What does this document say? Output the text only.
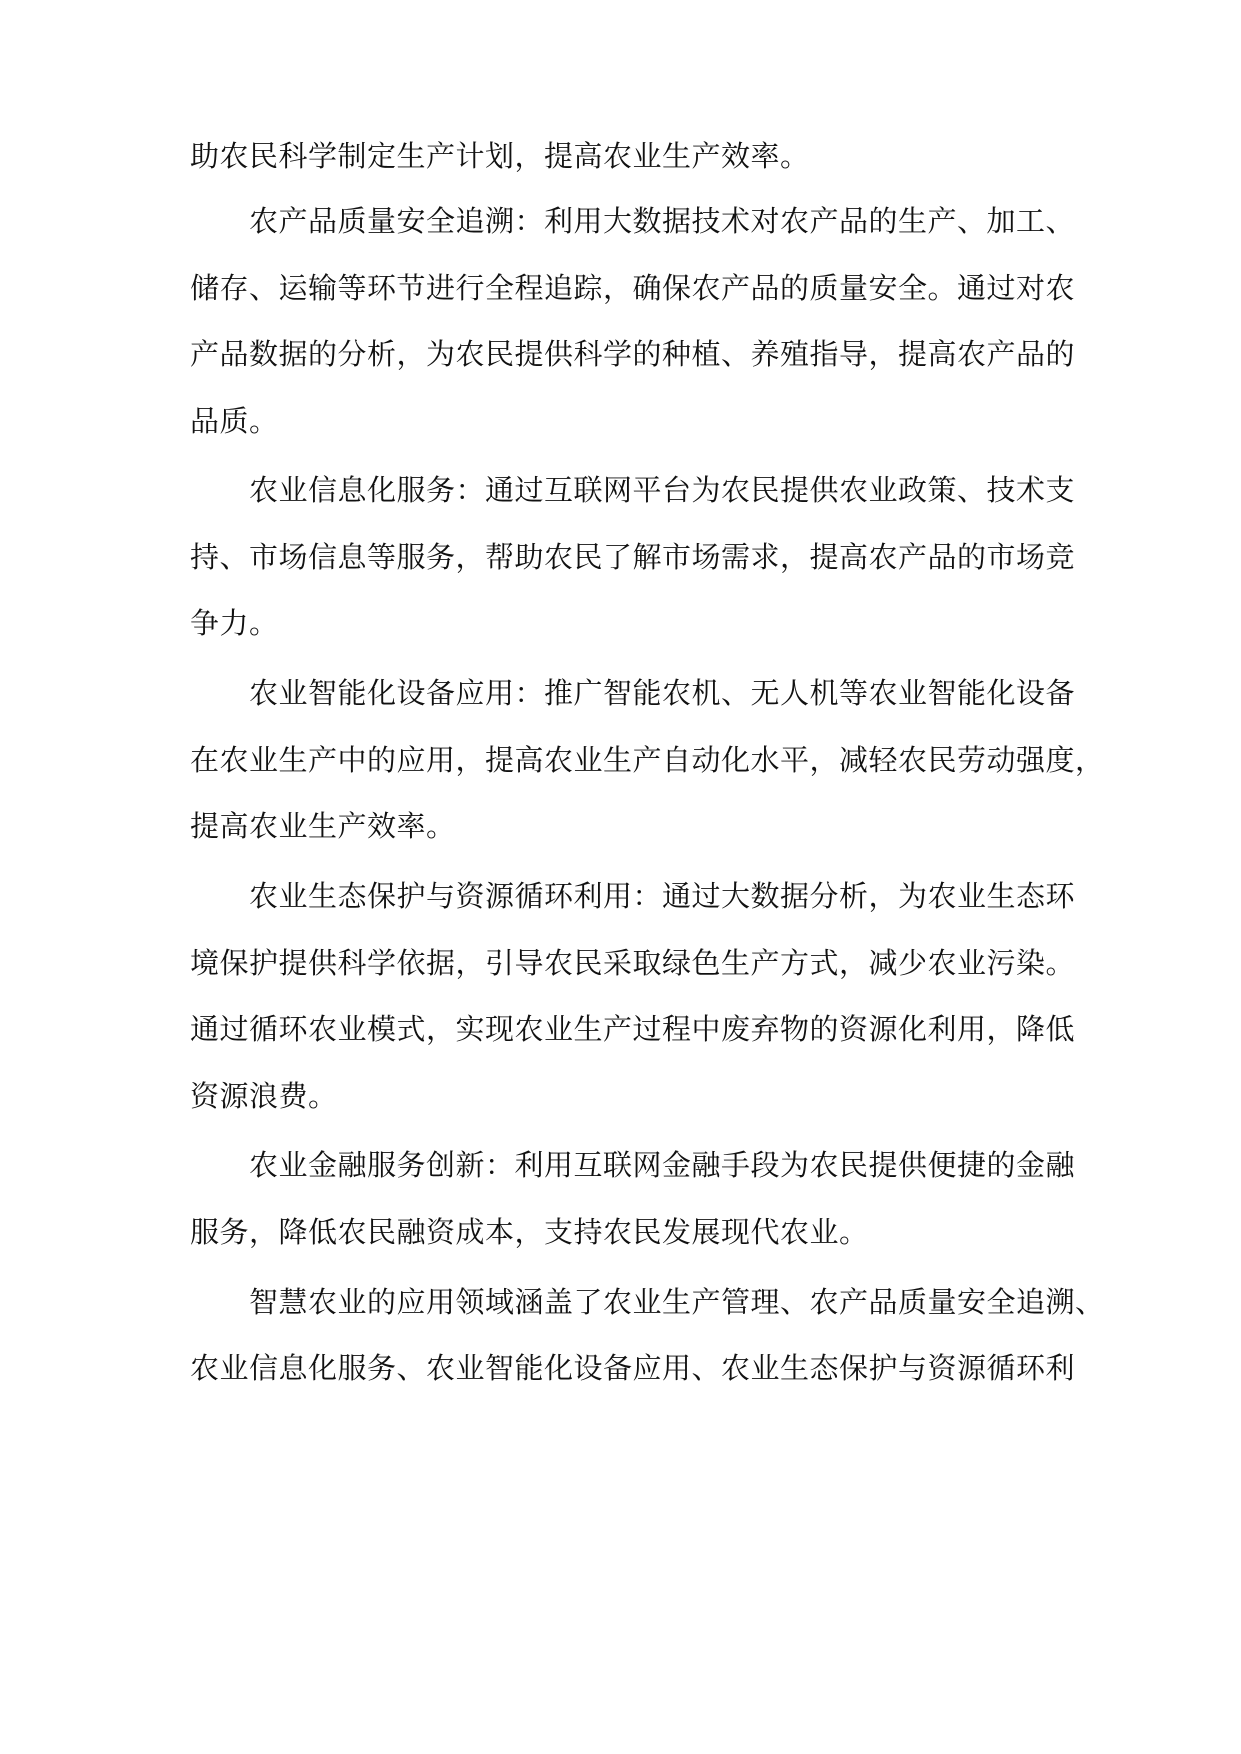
助农民科学制定生产计划，提高农业生产效率。

农产品质量安全追溯：利用大数据技术对农产品的生产、加工、

储存、运输等环节进行全程追踪，确保农产品的质量安全。通过对农

产品数据的分析，为农民提供科学的种植、养殖指导，提高农产品的

品质。

农业信息化服务：通过互联网平台为农民提供农业政策、技术支

持、市场信息等服务，帮助农民了解市场需求，提高农产品的市场竞

争力。

农业智能化设备应用：推广智能农机、无人机等农业智能化设备

在农业生产中的应用，提高农业生产自动化水平，减轻农民劳动强度，

提高农业生产效率。

农业生态保护与资源循环利用：通过大数据分析，为农业生态环

境保护提供科学依据，引导农民采取绿色生产方式，减少农业污染。

通过循环农业模式，实现农业生产过程中废弃物的资源化利用，降低

资源浪费。

农业金融服务创新：利用互联网金融手段为农民提供便捷的金融

服务，降低农民融资成本，支持农民发展现代农业。

智慧农业的应用领域涵盖了农业生产管理、农产品质量安全追溯、

农业信息化服务、农业智能化设备应用、农业生态保护与资源循环利
